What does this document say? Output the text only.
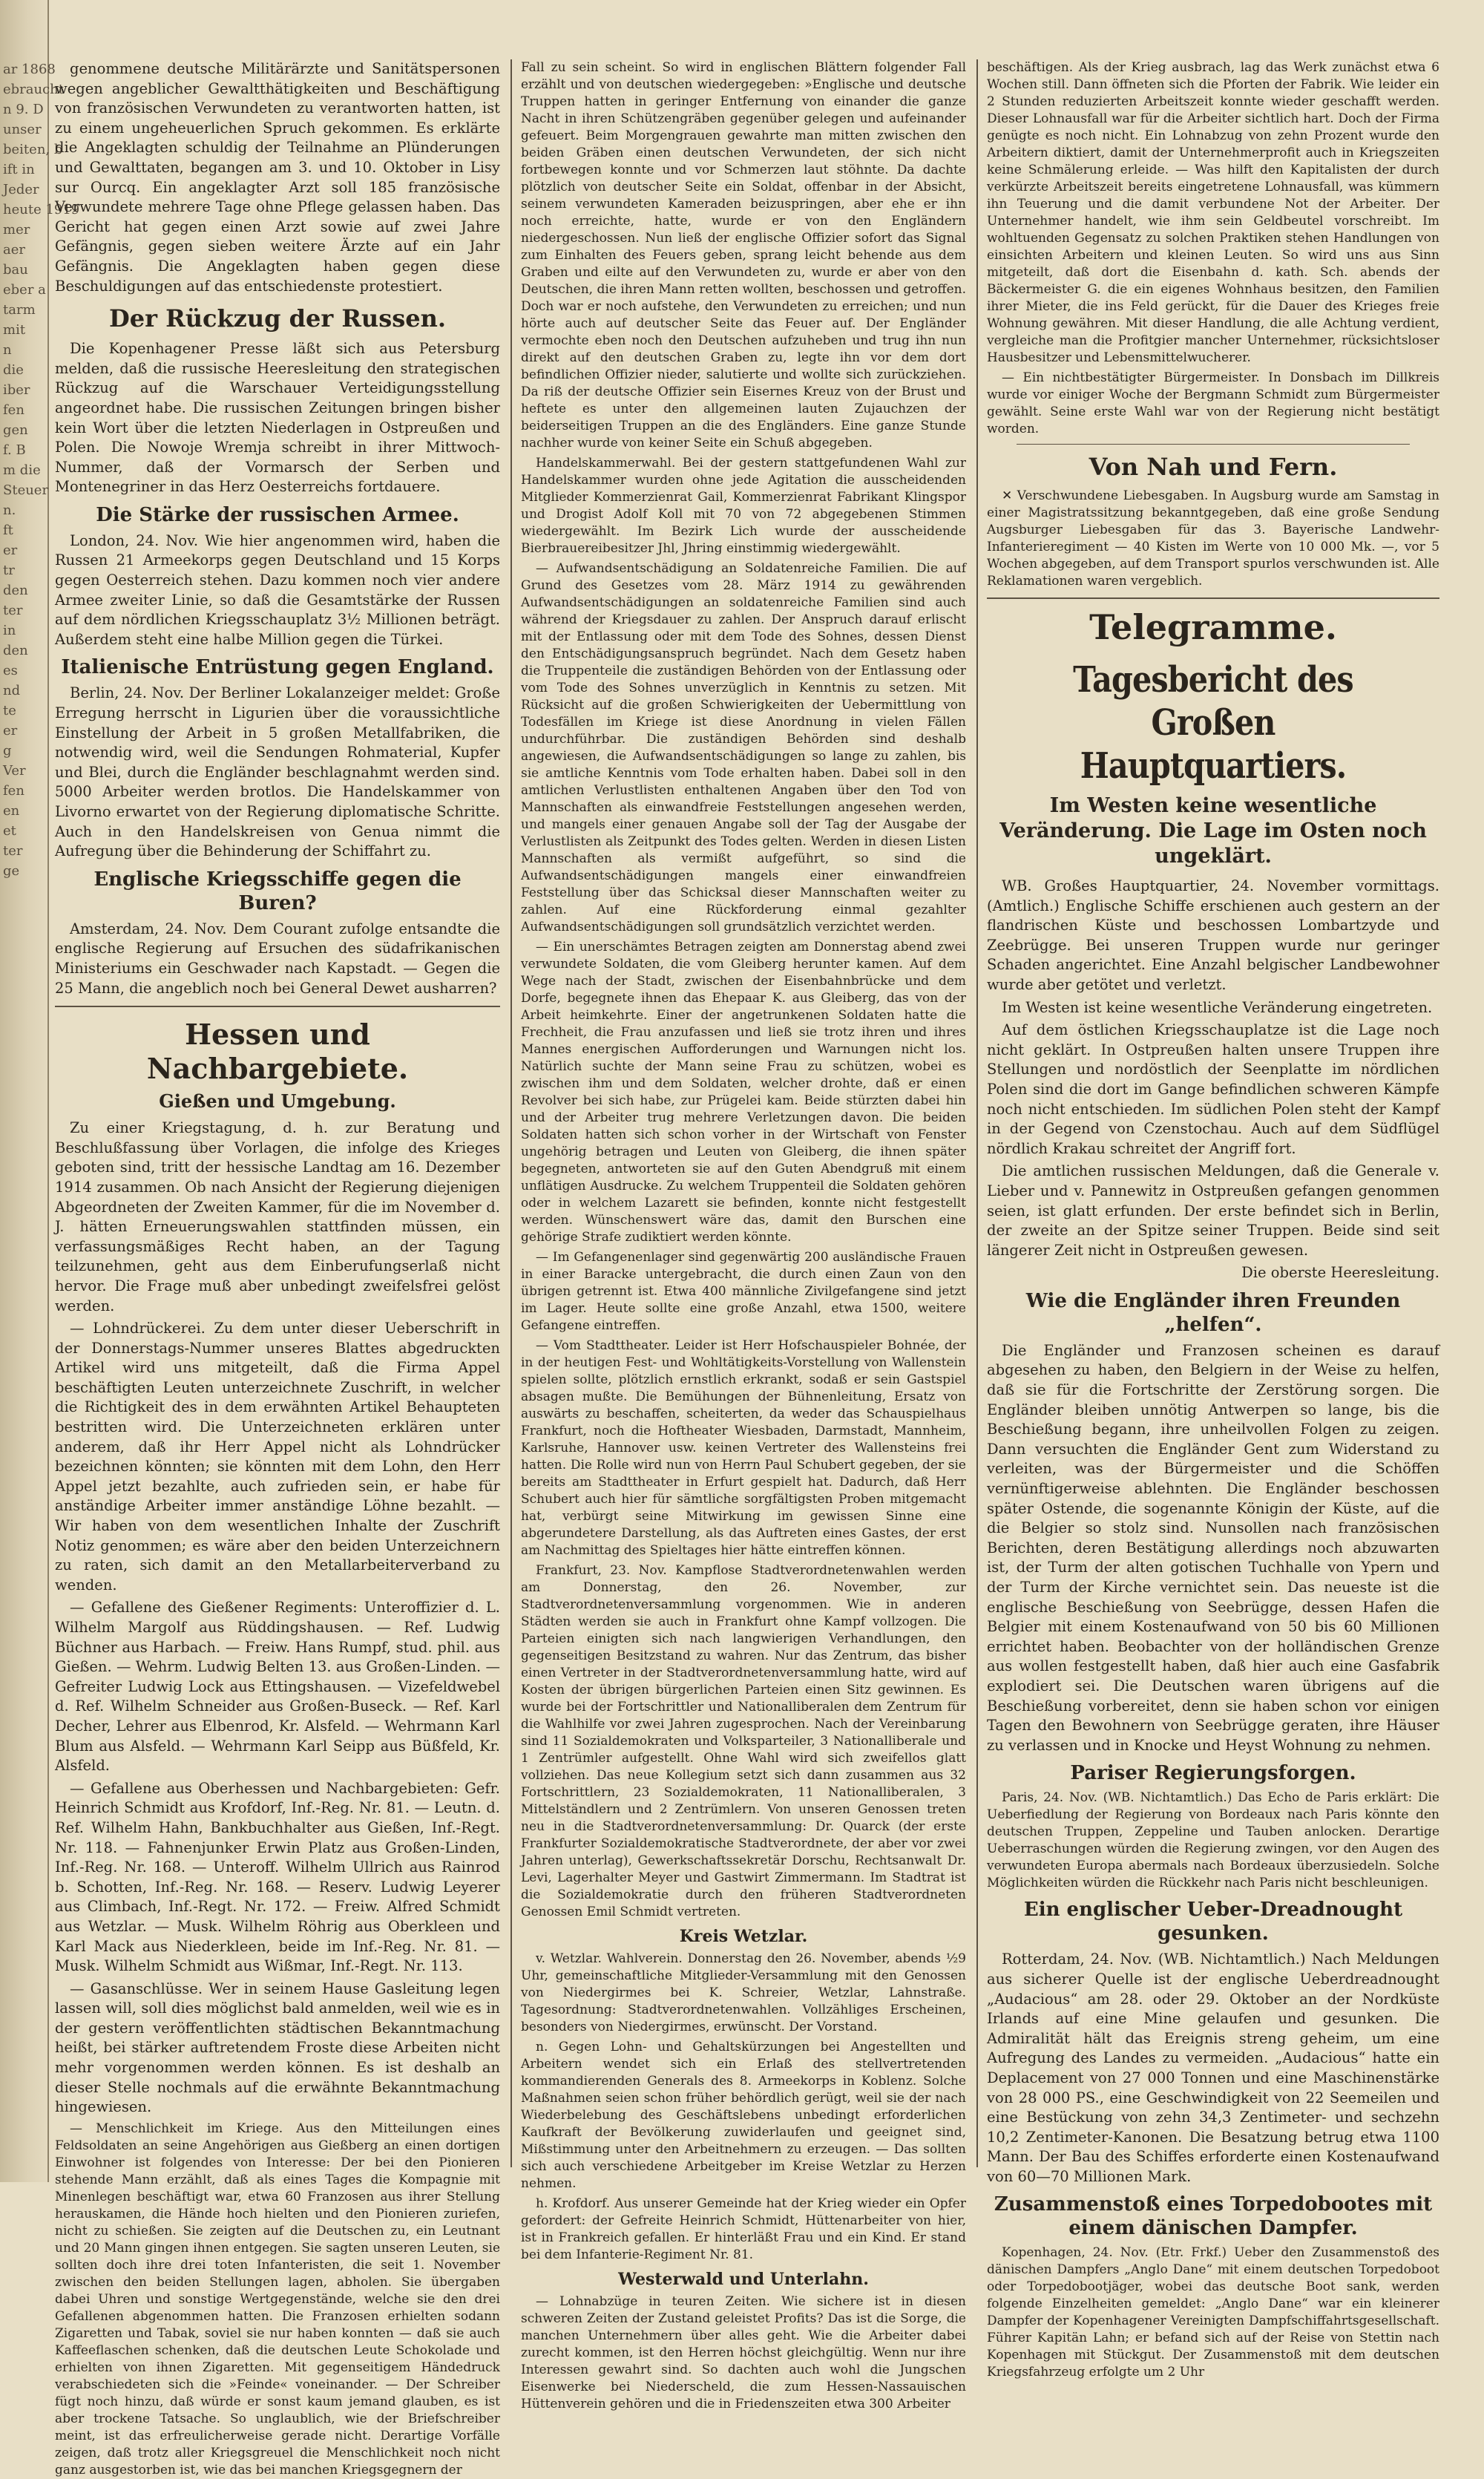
ar 1868
ebraucht
n 9. D
unser
beiten, b
ift in
Jeder
heute 1919
mer
aer
bau
eber a
tarm
mit
n
die
iber
fen
gen
f. B
m die
Steuer
n.
ft
er
tr
den
ter
in
den
es
nd
te
er
g
Ver
fen
en
et
ter
ge

genommene deutsche Militärärzte und Sanitätspersonen wegen angeblicher Gewaltthätigkeiten und Beschäftigung von französischen Verwundeten zu verantworten hatten, ist zu einem ungeheuerlichen Spruch gekommen. Es erklärte die Angeklagten schuldig der Teilnahme an Plünderungen und Gewalttaten, begangen am 3. und 10. Oktober in Lisy sur Ourcq. Ein angeklagter Arzt soll 185 französische Verwundete mehrere Tage ohne Pflege gelassen haben. Das Gericht hat gegen einen Arzt sowie auf zwei Jahre Gefängnis, gegen sieben weitere Ärzte auf ein Jahr Gefängnis. Die Angeklagten haben gegen diese Beschuldigungen auf das entschiedenste protestiert.

Der Rückzug der Russen.

Die Kopenhagener Presse läßt sich aus Petersburg melden, daß die russische Heeresleitung den strategischen Rückzug auf die Warschauer Verteidigungsstellung angeordnet habe. Die russischen Zeitungen bringen bisher kein Wort über die letzten Niederlagen in Ostpreußen und Polen. Die Nowoje Wremja schreibt in ihrer Mittwoch-Nummer, daß der Vormarsch der Serben und Montenegriner in das Herz Oesterreichs fortdauere.

Die Stärke der russischen Armee.

London, 24. Nov. Wie hier angenommen wird, haben die Russen 21 Armeekorps gegen Deutschland und 15 Korps gegen Oesterreich stehen. Dazu kommen noch vier andere Armee zweiter Linie, so daß die Gesamtstärke der Russen auf dem nördlichen Kriegsschauplatz 3½ Millionen beträgt. Außerdem steht eine halbe Million gegen die Türkei.

Italienische Entrüstung gegen England.

Berlin, 24. Nov. Der Berliner Lokalanzeiger meldet: Große Erregung herrscht in Ligurien über die voraussichtliche Einstellung der Arbeit in 5 großen Metallfabriken, die notwendig wird, weil die Sendungen Rohmaterial, Kupfer und Blei, durch die Engländer beschlagnahmt werden sind. 5000 Arbeiter werden brotlos. Die Handelskammer von Livorno erwartet von der Regierung diplomatische Schritte. Auch in den Handelskreisen von Genua nimmt die Aufregung über die Behinderung der Schiffahrt zu.

Englische Kriegsschiffe gegen die Buren?

Amsterdam, 24. Nov. Dem Courant zufolge entsandte die englische Regierung auf Ersuchen des südafrikanischen Ministeriums ein Geschwader nach Kapstadt. — Gegen die 25 Mann, die angeblich noch bei General Dewet ausharren?

Hessen und Nachbargebiete.
Gießen und Umgebung.

Zu einer Kriegstagung, d. h. zur Beratung und Beschlußfassung über Vorlagen, die infolge des Krieges geboten sind, tritt der hessische Landtag am 16. Dezember 1914 zusammen. Ob nach Ansicht der Regierung diejenigen Abgeordneten der Zweiten Kammer, für die im November d. J. hätten Erneuerungswahlen stattfinden müssen, ein verfassungsmäßiges Recht haben, an der Tagung teilzunehmen, geht aus dem Einberufungserlaß nicht hervor. Die Frage muß aber unbedingt zweifelsfrei gelöst werden.

— Lohndrückerei. Zu dem unter dieser Ueberschrift in der Donnerstags-Nummer unseres Blattes abgedruckten Artikel wird uns mitgeteilt, daß die Firma Appel beschäftigten Leuten unterzeichnete Zuschrift, in welcher die Richtigkeit des in dem erwähnten Artikel Behaupteten bestritten wird. Die Unterzeichneten erklären unter anderem, daß ihr Herr Appel nicht als Lohndrücker bezeichnen könnten; sie könnten mit dem Lohn, den Herr Appel jetzt bezahlte, auch zufrieden sein, er habe für anständige Arbeiter immer anständige Löhne bezahlt. — Wir haben von dem wesentlichen Inhalte der Zuschrift Notiz genommen; es wäre aber den beiden Unterzeichnern zu raten, sich damit an den Metallarbeiterverband zu wenden.

— Gefallene des Gießener Regiments: Unteroffizier d. L. Wilhelm Margolf aus Rüddingshausen. — Ref. Ludwig Büchner aus Harbach. — Freiw. Hans Rumpf, stud. phil. aus Gießen. — Wehrm. Ludwig Belten 13. aus Großen-Linden. — Gefreiter Ludwig Lock aus Ettingshausen. — Vizefeldwebel d. Ref. Wilhelm Schneider aus Großen-Buseck. — Ref. Karl Decher, Lehrer aus Elbenrod, Kr. Alsfeld. — Wehrmann Karl Blum aus Alsfeld. — Wehrmann Karl Seipp aus Büßfeld, Kr. Alsfeld.

— Gefallene aus Oberhessen und Nachbargebieten: Gefr. Heinrich Schmidt aus Krofdorf, Inf.-Reg. Nr. 81. — Leutn. d. Ref. Wilhelm Hahn, Bankbuchhalter aus Gießen, Inf.-Regt. Nr. 118. — Fahnenjunker Erwin Platz aus Großen-Linden, Inf.-Reg. Nr. 168. — Unteroff. Wilhelm Ullrich aus Rainrod b. Schotten, Inf.-Reg. Nr. 168. — Reserv. Ludwig Leyerer aus Climbach, Inf.-Regt. Nr. 172. — Freiw. Alfred Schmidt aus Wetzlar. — Musk. Wilhelm Röhrig aus Oberkleen und Karl Mack aus Niederkleen, beide im Inf.-Reg. Nr. 81. — Musk. Wilhelm Schmidt aus Wißmar, Inf.-Regt. Nr. 113.

— Gasanschlüsse. Wer in seinem Hause Gasleitung legen lassen will, soll dies möglichst bald anmelden, weil wie es in der gestern veröffentlichten städtischen Bekanntmachung heißt, bei stärker auftretendem Froste diese Arbeiten nicht mehr vorgenommen werden können. Es ist deshalb an dieser Stelle nochmals auf die erwähnte Bekanntmachung hingewiesen.

— Menschlichkeit im Kriege. Aus den Mitteilungen eines Feldsoldaten an seine Angehörigen aus Gießberg an einen dortigen Einwohner ist folgendes von Interesse: Der bei den Pionieren stehende Mann erzählt, daß als eines Tages die Kompagnie mit Minenlegen beschäftigt war, etwa 60 Franzosen aus ihrer Stellung herauskamen, die Hände hoch hielten und den Pionieren zuriefen, nicht zu schießen. Sie zeigten auf die Deutschen zu, ein Leutnant und 20 Mann gingen ihnen entgegen. Sie sagten unseren Leuten, sie sollten doch ihre drei toten Infanteristen, die seit 1. November zwischen den beiden Stellungen lagen, abholen. Sie übergaben dabei Uhren und sonstige Wertgegenstände, welche sie den drei Gefallenen abgenommen hatten. Die Franzosen erhielten sodann Zigaretten und Tabak, soviel sie nur haben konnten — daß sie auch Kaffeeflaschen schenken, daß die deutschen Leute Schokolade und erhielten von ihnen Zigaretten. Mit gegenseitigem Händedruck verabschiedeten sich die »Feinde« voneinander. — Der Schreiber fügt noch hinzu, daß würde er sonst kaum jemand glauben, es ist aber trockene Tatsache. So unglaublich, wie der Briefschreiber meint, ist das erfreulicherweise gerade nicht. Derartige Vorfälle zeigen, daß trotz aller Kriegsgreuel die Menschlichkeit noch nicht ganz ausgestorben ist, wie das bei manchen Kriegsgegnern der

Fall zu sein scheint. So wird in englischen Blättern folgender Fall erzählt und von deutschen wiedergegeben: »Englische und deutsche Truppen hatten in geringer Entfernung von einander die ganze Nacht in ihren Schützengräben gegenüber gelegen und aufeinander gefeuert. Beim Morgengrauen gewahrte man mitten zwischen den beiden Gräben einen deutschen Verwundeten, der sich nicht fortbewegen konnte und vor Schmerzen laut stöhnte. Da dachte plötzlich von deutscher Seite ein Soldat, offenbar in der Absicht, seinem verwundeten Kameraden beizuspringen, aber ehe er ihn noch erreichte, hatte, wurde er von den Engländern niedergeschossen. Nun ließ der englische Offizier sofort das Signal zum Einhalten des Feuers geben, sprang leicht behende aus dem Graben und eilte auf den Verwundeten zu, wurde er aber von den Deutschen, die ihren Mann retten wollten, beschossen und getroffen. Doch war er noch aufstehe, den Verwundeten zu erreichen; und nun hörte auch auf deutscher Seite das Feuer auf. Der Engländer vermochte eben noch den Deutschen aufzuheben und trug ihn nun direkt auf den deutschen Graben zu, legte ihn vor dem dort befindlichen Offizier nieder, salutierte und wollte sich zurückziehen. Da riß der deutsche Offizier sein Eisernes Kreuz von der Brust und heftete es unter den allgemeinen lauten Zujauchzen der beiderseitigen Truppen an die des Engländers. Eine ganze Stunde nachher wurde von keiner Seite ein Schuß abgegeben.

Handelskammerwahl. Bei der gestern stattgefundenen Wahl zur Handelskammer wurden ohne jede Agitation die ausscheidenden Mitglieder Kommerzienrat Gail, Kommerzienrat Fabrikant Klingspor und Drogist Adolf Koll mit 70 von 72 abgegebenen Stimmen wiedergewählt. Im Bezirk Lich wurde der ausscheidende Bierbrauereibesitzer Jhl, Jhring einstimmig wiedergewählt.

— Aufwandsentschädigung an Soldatenreiche Familien. Die auf Grund des Gesetzes vom 28. März 1914 zu gewährenden Aufwandsentschädigungen an soldatenreiche Familien sind auch während der Kriegsdauer zu zahlen. Der Anspruch darauf erlischt mit der Entlassung oder mit dem Tode des Sohnes, dessen Dienst den Entschädigungsanspruch begründet. Nach dem Gesetz haben die Truppenteile die zuständigen Behörden von der Entlassung oder vom Tode des Sohnes unverzüglich in Kenntnis zu setzen. Mit Rücksicht auf die großen Schwierigkeiten der Uebermittlung von Todesfällen im Kriege ist diese Anordnung in vielen Fällen undurchführbar. Die zuständigen Behörden sind deshalb angewiesen, die Aufwandsentschädigungen so lange zu zahlen, bis sie amtliche Kenntnis vom Tode erhalten haben. Dabei soll in den amtlichen Verlustlisten enthaltenen Angaben über den Tod von Mannschaften als einwandfreie Feststellungen angesehen werden, und mangels einer genauen Angabe soll der Tag der Ausgabe der Verlustlisten als Zeitpunkt des Todes gelten. Werden in diesen Listen Mannschaften als vermißt aufgeführt, so sind die Aufwandsentschädigungen mangels einer einwandfreien Feststellung über das Schicksal dieser Mannschaften weiter zu zahlen. Auf eine Rückforderung einmal gezahlter Aufwandsentschädigungen soll grundsätzlich verzichtet werden.

— Ein unerschämtes Betragen zeigten am Donnerstag abend zwei verwundete Soldaten, die vom Gleiberg herunter kamen. Auf dem Wege nach der Stadt, zwischen der Eisenbahnbrücke und dem Dorfe, begegnete ihnen das Ehepaar K. aus Gleiberg, das von der Arbeit heimkehrte. Einer der angetrunkenen Soldaten hatte die Frechheit, die Frau anzufassen und ließ sie trotz ihren und ihres Mannes energischen Aufforderungen und Warnungen nicht los. Natürlich suchte der Mann seine Frau zu schützen, wobei es zwischen ihm und dem Soldaten, welcher drohte, daß er einen Revolver bei sich habe, zur Prügelei kam. Beide stürzten dabei hin und der Arbeiter trug mehrere Verletzungen davon. Die beiden Soldaten hatten sich schon vorher in der Wirtschaft von Fenster ungehörig betragen und Leuten von Gleiberg, die ihnen später begegneten, antworteten sie auf den Guten Abendgruß mit einem unflätigen Ausdrucke. Zu welchem Truppenteil die Soldaten gehören oder in welchem Lazarett sie befinden, konnte nicht festgestellt werden. Wünschenswert wäre das, damit den Burschen eine gehörige Strafe zudiktiert werden könnte.

— Im Gefangenenlager sind gegenwärtig 200 ausländische Frauen in einer Baracke untergebracht, die durch einen Zaun von den übrigen getrennt ist. Etwa 400 männliche Zivilgefangene sind jetzt im Lager. Heute sollte eine große Anzahl, etwa 1500, weitere Gefangene eintreffen.

— Vom Stadttheater. Leider ist Herr Hofschauspieler Bohnée, der in der heutigen Fest- und Wohltätigkeits-Vorstellung von Wallenstein spielen sollte, plötzlich ernstlich erkrankt, sodaß er sein Gastspiel absagen mußte. Die Bemühungen der Bühnenleitung, Ersatz von auswärts zu beschaffen, scheiterten, da weder das Schauspielhaus Frankfurt, noch die Hoftheater Wiesbaden, Darmstadt, Mannheim, Karlsruhe, Hannover usw. keinen Vertreter des Wallensteins frei hatten. Die Rolle wird nun von Herrn Paul Schubert gegeben, der sie bereits am Stadttheater in Erfurt gespielt hat. Dadurch, daß Herr Schubert auch hier für sämtliche sorgfältigsten Proben mitgemacht hat, verbürgt seine Mitwirkung im gewissen Sinne eine abgerundetere Darstellung, als das Auftreten eines Gastes, der erst am Nachmittag des Spieltages hier hätte eintreffen können.

Frankfurt, 23. Nov. Kampflose Stadtverordnetenwahlen werden am Donnerstag, den 26. November, zur Stadtverordnetenversammlung vorgenommen. Wie in anderen Städten werden sie auch in Frankfurt ohne Kampf vollzogen. Die Parteien einigten sich nach langwierigen Verhandlungen, den gegenseitigen Besitzstand zu wahren. Nur das Zentrum, das bisher einen Vertreter in der Stadtverordnetenversammlung hatte, wird auf Kosten der übrigen bürgerlichen Parteien einen Sitz gewinnen. Es wurde bei der Fortschrittler und Nationalliberalen dem Zentrum für die Wahlhilfe vor zwei Jahren zugesprochen. Nach der Vereinbarung sind 11 Sozialdemokraten und Volksparteiler, 3 Nationalliberale und 1 Zentrümler aufgestellt. Ohne Wahl wird sich zweifellos glatt vollziehen. Das neue Kollegium setzt sich dann zusammen aus 32 Fortschrittlern, 23 Sozialdemokraten, 11 Nationalliberalen, 3 Mittelständlern und 2 Zentrümlern. Von unseren Genossen treten neu in die Stadtverordnetenversammlung: Dr. Quarck (der erste Frankfurter Sozialdemokratische Stadtverordnete, der aber vor zwei Jahren unterlag), Gewerkschaftssekretär Dorschu, Rechtsanwalt Dr. Levi, Lagerhalter Meyer und Gastwirt Zimmermann. Im Stadtrat ist die Sozialdemokratie durch den früheren Stadtverordneten Genossen Emil Schmidt vertreten.

Kreis Wetzlar.

v. Wetzlar. Wahlverein. Donnerstag den 26. November, abends ½9 Uhr, gemeinschaftliche Mitglieder-Versammlung mit den Genossen von Niedergirmes bei K. Schreier, Wetzlar, Lahnstraße. Tagesordnung: Stadtverordnetenwahlen. Vollzähliges Erscheinen, besonders von Niedergirmes, erwünscht. Der Vorstand.

n. Gegen Lohn- und Gehaltskürzungen bei Angestellten und Arbeitern wendet sich ein Erlaß des stellvertretenden kommandierenden Generals des 8. Armeekorps in Koblenz. Solche Maßnahmen seien schon früher behördlich gerügt, weil sie der nach Wiederbelebung des Geschäftslebens unbedingt erforderlichen Kaufkraft der Bevölkerung zuwiderlaufen und geeignet sind, Mißstimmung unter den Arbeitnehmern zu erzeugen. — Das sollten sich auch verschiedene Arbeitgeber im Kreise Wetzlar zu Herzen nehmen.

h. Krofdorf. Aus unserer Gemeinde hat der Krieg wieder ein Opfer gefordert: der Gefreite Heinrich Schmidt, Hüttenarbeiter von hier, ist in Frankreich gefallen. Er hinterläßt Frau und ein Kind. Er stand bei dem Infanterie-Regiment Nr. 81.

Westerwald und Unterlahn.

— Lohnabzüge in teuren Zeiten. Wie sichere ist in diesen schweren Zeiten der Zustand geleistet Profits? Das ist die Sorge, die manchen Unternehmern über alles geht. Wie die Arbeiter dabei zurecht kommen, ist den Herren höchst gleichgültig. Wenn nur ihre Interessen gewahrt sind. So dachten auch wohl die Jungschen Eisenwerke bei Niederscheld, die zum Hessen-Nassauischen Hüttenverein gehören und die in Friedenszeiten etwa 300 Arbeiter

beschäftigen. Als der Krieg ausbrach, lag das Werk zunächst etwa 6 Wochen still. Dann öffneten sich die Pforten der Fabrik. Wie leider ein 2 Stunden reduzierten Arbeitszeit konnte wieder geschafft werden. Dieser Lohnausfall war für die Arbeiter sichtlich hart. Doch der Firma genügte es noch nicht. Ein Lohnabzug von zehn Prozent wurde den Arbeitern diktiert, damit der Unternehmerprofit auch in Kriegszeiten keine Schmälerung erleide. — Was hilft den Kapitalisten der durch verkürzte Arbeitszeit bereits eingetretene Lohnausfall, was kümmern ihn Teuerung und die damit verbundene Not der Arbeiter. Der Unternehmer handelt, wie ihm sein Geldbeutel vorschreibt. Im wohltuenden Gegensatz zu solchen Praktiken stehen Handlungen von einsichten Arbeitern und kleinen Leuten. So wird uns aus Sinn mitgeteilt, daß dort die Eisenbahn d. kath. Sch. abends der Bäckermeister G. die ein eigenes Wohnhaus besitzen, den Familien ihrer Mieter, die ins Feld gerückt, für die Dauer des Krieges freie Wohnung gewähren. Mit dieser Handlung, die alle Achtung verdient, vergleiche man die Profitgier mancher Unternehmer, rücksichtsloser Hausbesitzer und Lebensmittelwucherer.

— Ein nichtbestätigter Bürgermeister. In Donsbach im Dillkreis wurde vor einiger Woche der Bergmann Schmidt zum Bürgermeister gewählt. Seine erste Wahl war von der Regierung nicht bestätigt worden.

Von Nah und Fern.

✕ Verschwundene Liebesgaben. In Augsburg wurde am Samstag in einer Magistratssitzung bekanntgegeben, daß eine große Sendung Augsburger Liebesgaben für das 3. Bayerische Landwehr-Infanterieregiment — 40 Kisten im Werte von 10 000 Mk. —, vor 5 Wochen abgegeben, auf dem Transport spurlos verschwunden ist. Alle Reklamationen waren vergeblich.

Telegramme.
Tagesbericht des Großen Hauptquartiers.
Im Westen keine wesentliche Veränderung. Die Lage im Osten noch ungeklärt.

WB. Großes Hauptquartier, 24. November vormittags. (Amtlich.) Englische Schiffe erschienen auch gestern an der flandrischen Küste und beschossen Lombartzyde und Zeebrügge. Bei unseren Truppen wurde nur geringer Schaden angerichtet. Eine Anzahl belgischer Landbewohner wurde aber getötet und verletzt.

Im Westen ist keine wesentliche Veränderung eingetreten.

Auf dem östlichen Kriegsschauplatze ist die Lage noch nicht geklärt. In Ostpreußen halten unsere Truppen ihre Stellungen und nordöstlich der Seenplatte im nördlichen Polen sind die dort im Gange befindlichen schweren Kämpfe noch nicht entschieden. Im südlichen Polen steht der Kampf in der Gegend von Czenstochau. Auch auf dem Südflügel nördlich Krakau schreitet der Angriff fort.

Die amtlichen russischen Meldungen, daß die Generale v. Lieber und v. Pannewitz in Ostpreußen gefangen genommen seien, ist glatt erfunden. Der erste befindet sich in Berlin, der zweite an der Spitze seiner Truppen. Beide sind seit längerer Zeit nicht in Ostpreußen gewesen.

Die oberste Heeresleitung.

Wie die Engländer ihren Freunden „helfen“.

Die Engländer und Franzosen scheinen es darauf abgesehen zu haben, den Belgiern in der Weise zu helfen, daß sie für die Fortschritte der Zerstörung sorgen. Die Engländer bleiben unnötig Antwerpen so lange, bis die Beschießung begann, ihre unheilvollen Folgen zu zeigen. Dann versuchten die Engländer Gent zum Widerstand zu verleiten, was der Bürgermeister und die Schöffen vernünftigerweise ablehnten. Die Engländer beschossen später Ostende, die sogenannte Königin der Küste, auf die die Belgier so stolz sind. Nunsollen nach französischen Berichten, deren Bestätigung allerdings noch abzuwarten ist, der Turm der alten gotischen Tuchhalle von Ypern und der Turm der Kirche vernichtet sein. Das neueste ist die englische Beschießung von Seebrügge, dessen Hafen die Belgier mit einem Kostenaufwand von 50 bis 60 Millionen errichtet haben. Beobachter von der holländischen Grenze aus wollen festgestellt haben, daß hier auch eine Gasfabrik explodiert sei. Die Deutschen waren übrigens auf die Beschießung vorbereitet, denn sie haben schon vor einigen Tagen den Bewohnern von Seebrügge geraten, ihre Häuser zu verlassen und in Knocke und Heyst Wohnung zu nehmen.

Pariser Regierungsforgen.

Paris, 24. Nov. (WB. Nichtamtlich.) Das Echo de Paris erklärt: Die Ueberfiedlung der Regierung von Bordeaux nach Paris könnte den deutschen Truppen, Zeppeline und Tauben anlocken. Derartige Ueberraschungen würden die Regierung zwingen, vor den Augen des verwundeten Europa abermals nach Bordeaux überzusiedeln. Solche Möglichkeiten würden die Rückkehr nach Paris nicht beschleunigen.

Ein englischer Ueber-Dreadnought gesunken.

Rotterdam, 24. Nov. (WB. Nichtamtlich.) Nach Meldungen aus sicherer Quelle ist der englische Ueberdreadnought „Audacious“ am 28. oder 29. Oktober an der Nordküste Irlands auf eine Mine gelaufen und gesunken. Die Admiralität hält das Ereignis streng geheim, um eine Aufregung des Landes zu vermeiden. „Audacious“ hatte ein Deplacement von 27 000 Tonnen und eine Maschinenstärke von 28 000 PS., eine Geschwindigkeit von 22 Seemeilen und eine Bestückung von zehn 34,3 Zentimeter- und sechzehn 10,2 Zentimeter-Kanonen. Die Besatzung betrug etwa 1100 Mann. Der Bau des Schiffes erforderte einen Kostenaufwand von 60—70 Millionen Mark.

Zusammenstoß eines Torpedobootes mit einem dänischen Dampfer.

Kopenhagen, 24. Nov. (Etr. Frkf.) Ueber den Zusammenstoß des dänischen Dampfers „Anglo Dane“ mit einem deutschen Torpedoboot oder Torpedobootjäger, wobei das deutsche Boot sank, werden folgende Einzelheiten gemeldet: „Anglo Dane“ war ein kleinerer Dampfer der Kopenhagener Vereinigten Dampfschiffahrtsgesellschaft. Führer Kapitän Lahn; er befand sich auf der Reise von Stettin nach Kopenhagen mit Stückgut. Der Zusammenstoß mit dem deutschen Kriegsfahrzeug erfolgte um 2 Uhr
